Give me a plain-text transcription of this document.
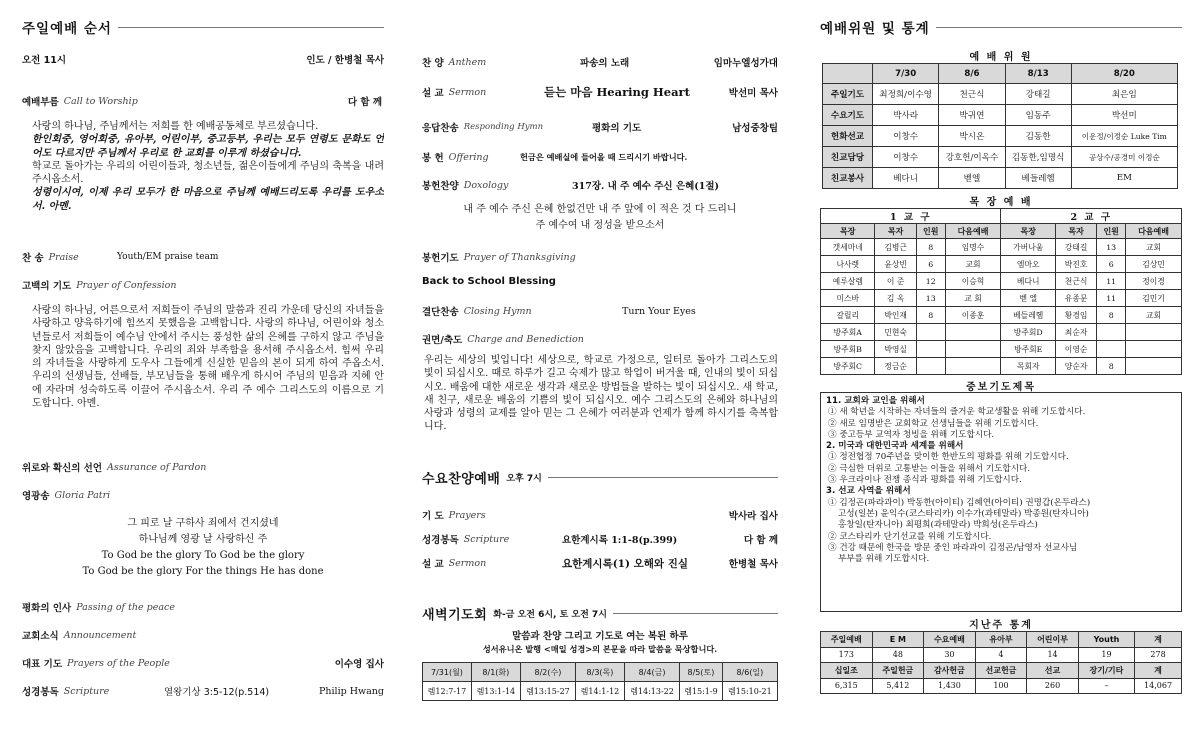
주일예배 순서
오전 11시	인도 / 한병철 목사
예배부름 Call to Worship	다 함 께
사랑의 하나님, 주님께서는 저희를 한 예배공동체로 부르셨습니다.
한인회중, 영어회중, 유아부, 어린이부, 중고등부, 우리는 모두 연령도 문화도 언어도 다르지만 주님께서 우리로 한 교회를 이루게 하셨습니다.
학교로 돌아가는 우리의 어린이들과, 청소년들, 젊은이들에게 주님의 축복을 내려 주시옵소서.
성령이시여, 이제 우리 모두가 한 마음으로 주님께 예배드리도록 우리를 도우소서. 아멘.
찬 송 Praise	Youth/EM praise team
고백의 기도 Prayer of Confession
사랑의 하나님, 어른으로서 저희들이 주님의 말씀과 진리 가운데 당신의 자녀들을 사랑하고 양육하기에 힘쓰지 못했음을 고백합니다. 사랑의 하나님, 어린이와 청소년들로서 저희들이 예수님 안에서 주시는 풍성한 삶의 은혜를 구하지 않고 주님을 찾지 않았음을 고백합니다. 우리의 죄와 부족함을 용서해 주시옵소서. 힘써 우리의 자녀들을 사랑하게 도우사 그들에게 신실한 믿음의 본이 되게 하여 주옵소서. 우리의 선생님들, 선배들, 부모님들을 통해 배우게 하시어 주님의 믿음과 지혜 안에 자라며 성숙하도록 이끌어 주시옵소서. 우리 주 예수 그리스도의 이름으로 기도합니다. 아멘.
위로와 확신의 선언 Assurance of Pardon
영광송 Gloria Patri
그 피로 날 구하사 죄에서 건지셨네
하나님께 영광 날 사랑하신 주
To God be the glory To God be the glory
To God be the glory For the things He has done
평화의 인사 Passing of the peace
교회소식 Announcement
대표 기도 Prayers of the People	이수영 집사
성경봉독 Scripture	열왕기상 3:5-12(p.514)	Philip Hwang
찬 양 Anthem	파송의 노래	임마누엘성가대
설 교 Sermon	듣는 마음 Hearing Heart	박선미 목사
응답찬송 Responding Hymn	평화의 기도	남성중창팀
봉 헌 Offering	헌금은 예배실에 들어올 때 드리시기 바랍니다.
봉헌찬양 Doxology	317장. 내 주 예수 주신 은혜(1절)
내 주 예수 주신 은혜 한없건만 내 주 앞에 이 적은 것 다 드리니
주 예수여 내 정성을 받으소서
봉헌기도 Prayer of Thanksgiving
Back to School Blessing
결단찬송 Closing Hymn	Turn Your Eyes
권면/축도 Charge and Benediction
우리는 세상의 빛입니다! 세상으로, 학교로 가정으로, 일터로 돌아가 그리스도의 빛이 되십시오. 때로 하루가 길고 숙제가 많고 학업이 버거울 때, 인내의 빛이 되십시오. 배움에 대한 새로운 생각과 새로운 방법들을 발하는 빛이 되십시오. 새 학교, 새 친구, 새로운 배움의 기쁨의 빛이 되십시오. 예수 그리스도의 은혜와 하나님의 사랑과 성령의 교제를 알아 믿는 그 은혜가 여러분과 언제가 함께 하시기를 축복합니다.
수요찬양예배 오후 7시
기 도 Prayers	박사라 집사
성경봉독 Scripture	요한계시록 1:1-8(p.399)	다 함 께
설 교 Sermon	요한계시록(1) 오해와 진실	한병철 목사
새벽기도회 화-금 오전 6시, 토 오전 7시
말씀과 찬양 그리고 기도로 여는 복된 하루
성서유니온 발행 <매일 성경>의 본문을 따라 말씀을 묵상합니다.
7/31(월)	8/1(화)	8/2(수)	8/3(목)	8/4(금)	8/5(토)	8/6(일)
렘12:7-17	렘13:1-14	렘13:15-27	렘14:1-12	렘14:13-22	렘15:1-9	렘15:10-21
예배위원 및 통계
예 배 위 원
	7/30	8/6	8/13	8/20
주일기도	최정희/이수영	천근식	강태길	최은임
수요기도	박사라	박귀연	임동주	박선미
헌화선교	이창수	박시온	김동한	이운정/이정순 Luke Tim
친교담당	이창수	강호헌/이옥수	김동한,임명식	공상수/공경미 이정순
친교봉사	베다니	벧엘	베들레헴	EM
목 장 예 배
1 교 구				2 교 구			
목장	목자	인원	다음예배	목장	목자	인원	다음예배
갯세마네	김병근	8	임명수	가버나움	강태길	13	교회
나사렛	윤상빈	6	교회	엠마오	박진호	6	김상민
예루살렘	이 준	12	이승혁	베다니	천근식	11	정이경
미스바	김 옥	13	교 회	벧 엘	유종문	11	김민기
갈릴리	박인재	8	이종훈	베들레헴	황경임	8	교회
방주회A	민현숙			방주회D	최순자		
방주회B	박영실			방주회E	이영순		
방주회C	정금순			목회자	양순자	8	
중보기도제목
11. 교회와 교인을 위해서
① 새 학년을 시작하는 자녀들의 즐거운 학교생활을 위해 기도합시다.
② 새로 임명받은 교회학교 선생님들을 위해 기도합시다.
③ 중고등부 교역자 청빙을 위해 기도합시다.
2. 미국과 대한민국과 세계를 위해서
① 정전협정 70주년을 맞이한 한반도의 평화를 위해 기도합시다.
② 극심한 더위로 고통받는 이들을 위해서 기도합시다.
③ 우크라이나 전쟁 종식과 평화를 위해 기도합시다.
3. 선교 사역을 위해서
① 김정곤(파라과이) 박동한(아이티) 김혜연(아이티) 권명갑(온두라스)
고성(일본) 윤익수(코스타리카) 이수가(과테말라) 박종원(탄자니아)
홍창일(탄자니아) 최평희(과테말라) 박희성(온두라스)
② 코스타리카 단기선교를 위해 기도합시다.
③ 건강 때문에 한국을 방문 중인 파라과이 김정곤/남영자 선교사님
부부를 위해 기도합시다.
지난주 통계
주일예배	E M	수요예배	유아부	어린이부	Youth	계
173	48	30	4	14	19	278
십일조	주일헌금	감사헌금	선교헌금	선교	장기/기타	계
6,315	5,412	1,430	100	260	–	14,067
